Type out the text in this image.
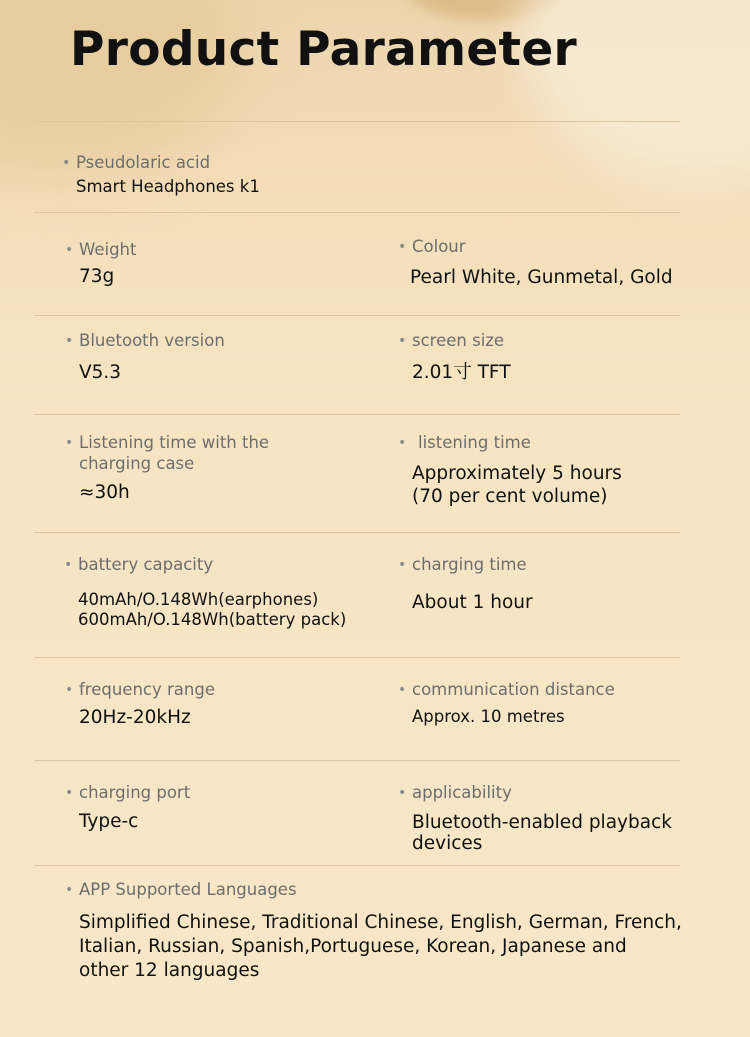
Product Parameter
• Pseudolaric acid
Smart Headphones k1
• Weight
73g
• Colour
Pearl White, Gunmetal, Gold
• Bluetooth version
V5.3
• screen size
2.01寸 TFT
• Listening time with the
charging case
≈30h
• listening time
Approximately 5 hours
(70 per cent volume)
• battery capacity
40mAh/O.148Wh(earphones)
600mAh/O.148Wh(battery pack)
• charging time
About 1 hour
• frequency range
20Hz-20kHz
• communication distance
Approx. 10 metres
• charging port
Type-c
• applicability
Bluetooth-enabled playback
devices
• APP Supported Languages
Simplified Chinese, Traditional Chinese, English, German, French,
Italian, Russian, Spanish,Portuguese, Korean, Japanese and
other 12 languages
